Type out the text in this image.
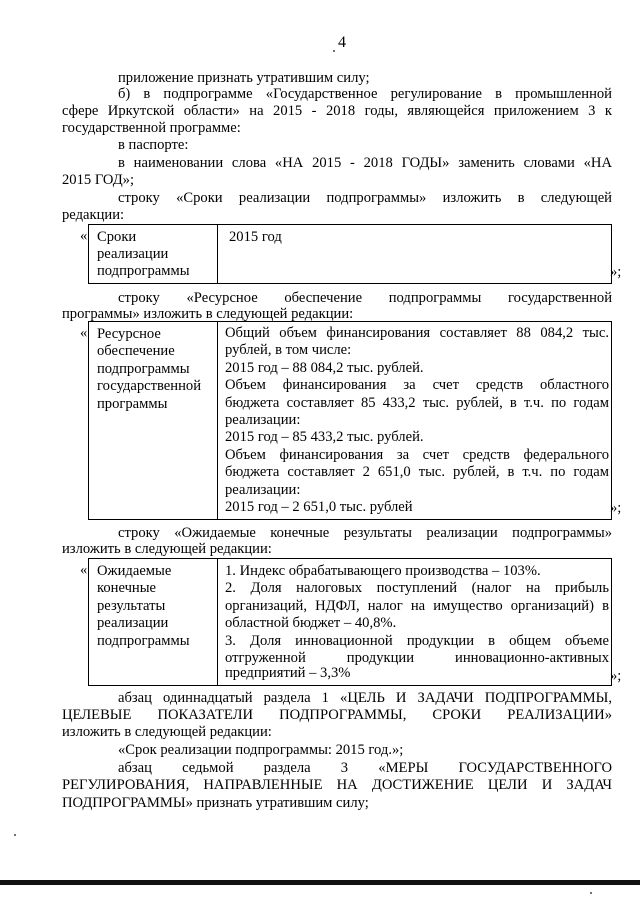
4
приложение признать утратившим силу;
б) в подпрограмме «Государственное регулирование в промышленной
сфере Иркутской области» на 2015 - 2018 годы, являющейся приложением 3 к
государственной программе:
в паспорте:
в наименовании слова «НА 2015 - 2018 ГОДЫ» заменить словами «НА
2015 ГОД»;
строку «Сроки реализации подпрограммы» изложить в следующей
редакции:
« Сроки
реализации
подпрограммы
2015 год
»;
строку «Ресурсное обеспечение подпрограммы государственной
программы» изложить в следующей редакции:
« Ресурсное
обеспечение
подпрограммы
государственной
программы
Общий объем финансирования составляет 88 084,2 тыс.
рублей, в том числе:
2015 год – 88 084,2 тыс. рублей.
Объем финансирования за счет средств областного
бюджета составляет 85 433,2 тыс. рублей, в т.ч. по годам
реализации:
2015 год – 85 433,2 тыс. рублей.
Объем финансирования за счет средств федерального
бюджета составляет 2 651,0 тыс. рублей, в т.ч. по годам
реализации:
2015 год – 2 651,0 тыс. рублей	»;
строку «Ожидаемые конечные результаты реализации подпрограммы»
изложить в следующей редакции:
« Ожидаемые
конечные
результаты
реализации
подпрограммы
1. Индекс обрабатывающего производства – 103%.
2. Доля налоговых поступлений (налог на прибыль
организаций, НДФЛ, налог на имущество организаций) в
областной бюджет – 40,8%.
3. Доля инновационной продукции в общем объеме
отгруженной продукции инновационно-активных
предприятий – 3,3%	»;
абзац одиннадцатый раздела 1 «ЦЕЛЬ И ЗАДАЧИ ПОДПРОГРАММЫ,
ЦЕЛЕВЫЕ ПОКАЗАТЕЛИ ПОДПРОГРАММЫ, СРОКИ РЕАЛИЗАЦИИ»
изложить в следующей редакции:
«Срок реализации подпрограммы: 2015 год.»;
абзац седьмой раздела 3 «МЕРЫ ГОСУДАРСТВЕННОГО
РЕГУЛИРОВАНИЯ, НАПРАВЛЕННЫЕ НА ДОСТИЖЕНИЕ ЦЕЛИ И ЗАДАЧ
ПОДПРОГРАММЫ» признать утратившим силу;
